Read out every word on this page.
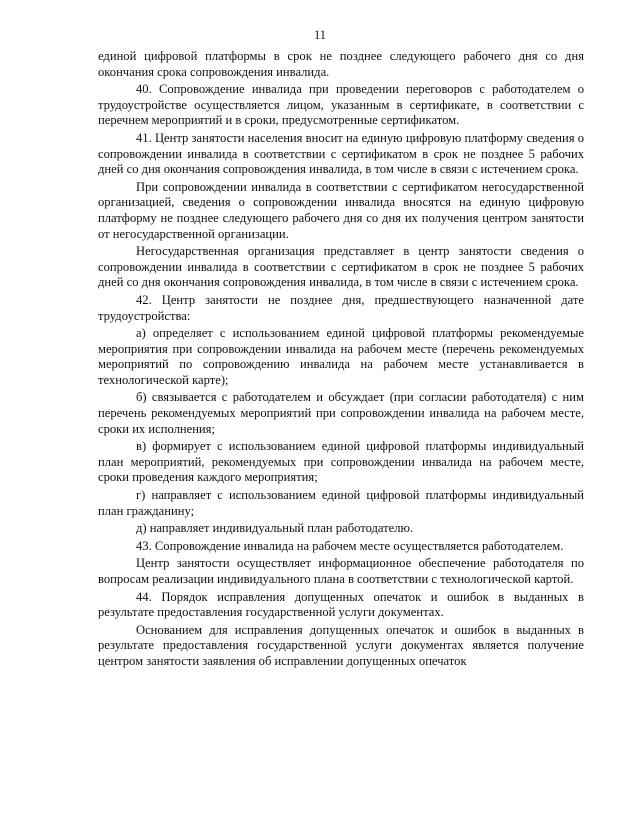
11

единой цифровой платформы в срок не позднее следующего рабочего дня со дня окончания срока сопровождения инвалида.

40. Сопровождение инвалида при проведении переговоров с работодателем о трудоустройстве осуществляется лицом, указанным в сертификате, в соответствии с перечнем мероприятий и в сроки, предусмотренные сертификатом.

41. Центр занятости населения вносит на единую цифровую платформу сведения о сопровождении инвалида в соответствии с сертификатом в срок не позднее 5 рабочих дней со дня окончания сопровождения инвалида, в том числе в связи с истечением срока.

При сопровождении инвалида в соответствии с сертификатом негосударственной организацией, сведения о сопровождении инвалида вносятся на единую цифровую платформу не позднее следующего рабочего дня со дня их получения центром занятости от негосударственной организации.

Негосударственная организация представляет в центр занятости сведения о сопровождении инвалида в соответствии с сертификатом в срок не позднее 5 рабочих дней со дня окончания сопровождения инвалида, в том числе в связи с истечением срока.

42. Центр занятости не позднее дня, предшествующего назначенной дате трудоустройства:

а) определяет с использованием единой цифровой платформы рекомендуемые мероприятия при сопровождении инвалида на рабочем месте (перечень рекомендуемых мероприятий по сопровождению инвалида на рабочем месте устанавливается в технологической карте);

б) связывается с работодателем и обсуждает (при согласии работодателя) с ним перечень рекомендуемых мероприятий при сопровождении инвалида на рабочем месте, сроки их исполнения;

в) формирует с использованием единой цифровой платформы индивидуальный план мероприятий, рекомендуемых при сопровождении инвалида на рабочем месте, сроки проведения каждого мероприятия;

г) направляет с использованием единой цифровой платформы индивидуальный план гражданину;

д) направляет индивидуальный план работодателю.

43. Сопровождение инвалида на рабочем месте осуществляется работодателем.

Центр занятости осуществляет информационное обеспечение работодателя по вопросам реализации индивидуального плана в соответствии с технологической картой.

44. Порядок исправления допущенных опечаток и ошибок в выданных в результате предоставления государственной услуги документах.

Основанием для исправления допущенных опечаток и ошибок в выданных в результате предоставления государственной услуги документах является получение центром занятости заявления об исправлении допущенных опечаток
